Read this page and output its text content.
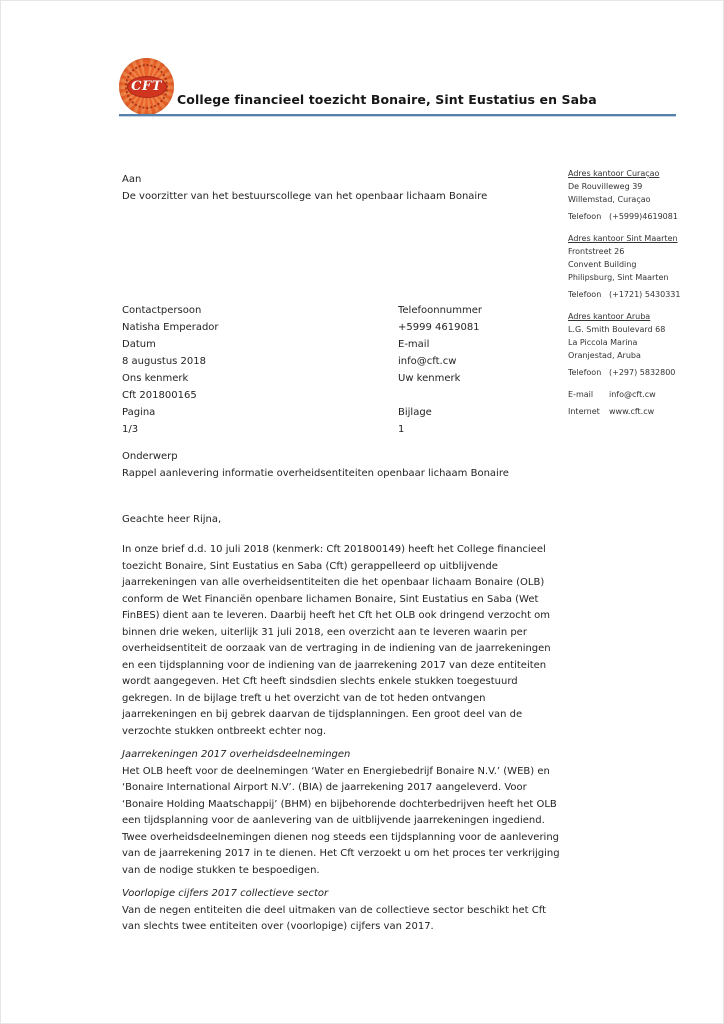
CFT
College financieel toezicht Bonaire, Sint Eustatius en Saba
Aan
De voorzitter van het bestuurscollege van het openbaar lichaam Bonaire
Contactpersoon
Natisha Emperador
Datum
8 augustus 2018
Ons kenmerk
Cft 201800165
Pagina
1/3
Telefoonnummer
+5999 4619081
E-mail
info@cft.cw
Uw kenmerk
Bijlage
1
Onderwerp
Rappel aanlevering informatie overheidsentiteiten openbaar lichaam Bonaire
Geachte heer Rijna,

In onze brief d.d. 10 juli 2018 (kenmerk: Cft 201800149) heeft het College financieel toezicht Bonaire, Sint Eustatius en Saba (Cft) gerappelleerd op uitblijvende jaarrekeningen van alle overheidsentiteiten die het openbaar lichaam Bonaire (OLB) conform de Wet Financiën openbare lichamen Bonaire, Sint Eustatius en Saba (Wet FinBES) dient aan te leveren. Daarbij heeft het Cft het OLB ook dringend verzocht om binnen drie weken, uiterlijk 31 juli 2018, een overzicht aan te leveren waarin per overheidsentiteit de oorzaak van de vertraging in de indiening van de jaarrekeningen en een tijdsplanning voor de indiening van de jaarrekening 2017 van deze entiteiten wordt aangegeven. Het Cft heeft sindsdien slechts enkele stukken toegestuurd gekregen. In de bijlage treft u het overzicht van de tot heden ontvangen jaarrekeningen en bij gebrek daarvan de tijdsplanningen. Een groot deel van de verzochte stukken ontbreekt echter nog.

Jaarrekeningen 2017 overheidsdeelnemingen

Het OLB heeft voor de deelnemingen ‘Water en Energiebedrijf Bonaire N.V.’ (WEB) en ‘Bonaire International Airport N.V’. (BIA) de jaarrekening 2017 aangeleverd. Voor ‘Bonaire Holding Maatschappij’ (BHM) en bijbehorende dochterbedrijven heeft het OLB een tijdsplanning voor de aanlevering van de uitblijvende jaarrekeningen ingediend. Twee overheidsdeelnemingen dienen nog steeds een tijdsplanning voor de aanlevering van de jaarrekening 2017 in te dienen. Het Cft verzoekt u om het proces ter verkrijging van de nodige stukken te bespoedigen.

Voorlopige cijfers 2017 collectieve sector

Van de negen entiteiten die deel uitmaken van de collectieve sector beschikt het Cft van slechts twee entiteiten over (voorlopige) cijfers van 2017.

Adres kantoor Curaçao
De Rouvilleweg 39
Willemstad, Curaçao
Telefoon (+5999)4619081
Adres kantoor Sint Maarten
Frontstreet 26
Convent Building
Philipsburg, Sint Maarten
Telefoon (+1721) 5430331
Adres kantoor Aruba
L.G. Smith Boulevard 68
La Piccola Marina
Oranjestad, Aruba
Telefoon (+297) 5832800
E-mail info@cft.cw
Internet www.cft.cw
